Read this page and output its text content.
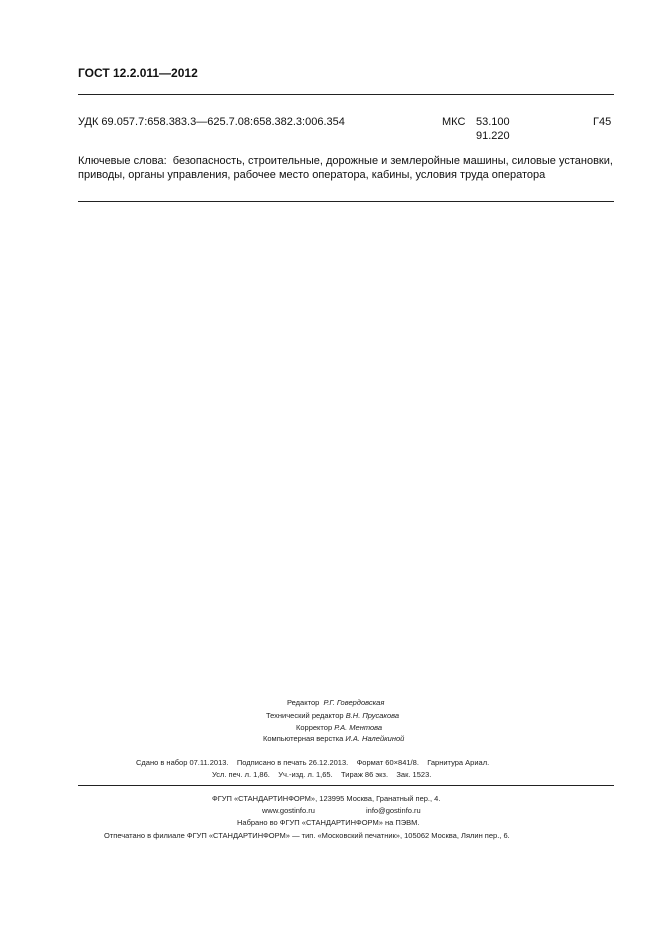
ГОСТ 12.2.011—2012
УДК 69.057.7:658.383.3—625.7.08:658.382.3:006.354	МКС 53.100
91.220
Г45
Ключевые слова: безопасность, строительные, дорожные и землеройные машины, силовые установки, приводы, органы управления, рабочее место оператора, кабины, условия труда оператора
Редактор Р.Г. Говердовская
Технический редактор В.Н. Прусакова
Корректор Р.А. Ментова
Компьютерная верстка И.А. Налейкиной
Сдано в набор 07.11.2013. Подписано в печать 26.12.2013. Формат 60×841/8.    Гарнитура Ариал.
Усл. печ. л. 1,86. Уч.-изд. л. 1,65. Тираж 86 экз. Зак. 1523.
ФГУП «СТАНДАРТИНФОРМ», 123995 Москва, Гранатный пер., 4.
www.gostinfo.ru	info@gostinfo.ru
Набрано во ФГУП «СТАНДАРТИНФОРМ» на ПЭВМ.
Отпечатано в филиале ФГУП «СТАНДАРТИНФОРМ» — тип. «Московский печатник», 105062 Москва, Лялин пер., 6.
